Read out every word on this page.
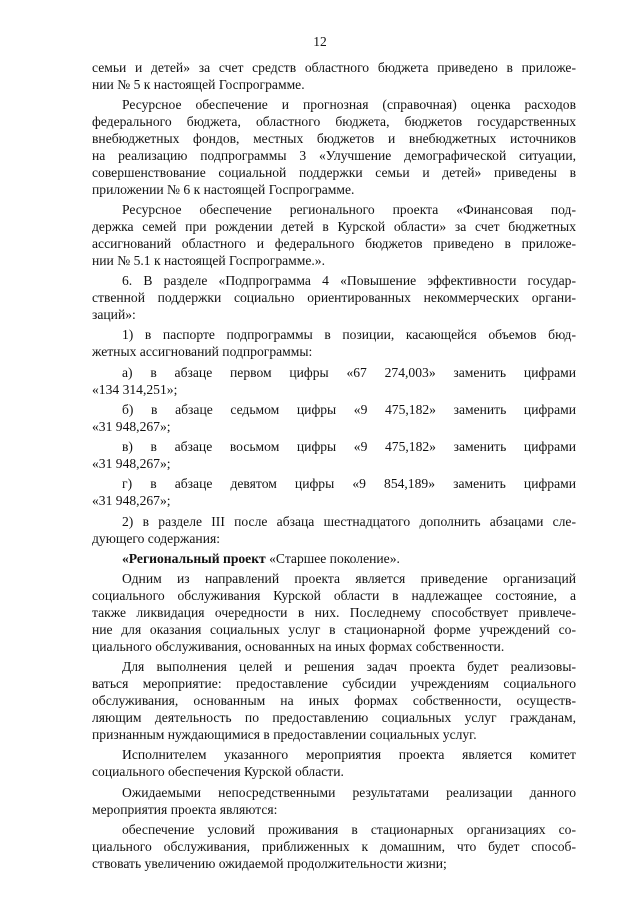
12
семьи и детей» за счет средств областного бюджета приведено в приложе-
нии № 5 к настоящей Госпрограмме.
Ресурсное обеспечение и прогнозная (справочная) оценка расходов
федерального бюджета, областного бюджета, бюджетов государственных
внебюджетных фондов, местных бюджетов и внебюджетных источников
на реализацию подпрограммы 3 «Улучшение демографической ситуации,
совершенствование социальной поддержки семьи и детей» приведены в
приложении № 6 к настоящей Госпрограмме.
Ресурсное обеспечение регионального проекта «Финансовая под-
держка семей при рождении детей в Курской области» за счет бюджетных
ассигнований областного и федерального бюджетов приведено в приложе-
нии № 5.1 к настоящей Госпрограмме.».
6. В разделе «Подпрограмма 4 «Повышение эффективности государ-
ственной поддержки социально ориентированных некоммерческих органи-
заций»:
1) в паспорте подпрограммы в позиции, касающейся объемов бюд-
жетных ассигнований подпрограммы:
а) в абзаце первом цифры «67 274,003» заменить цифрами
«134 314,251»;
б) в абзаце седьмом цифры «9 475,182» заменить цифрами
«31 948,267»;
в) в абзаце восьмом цифры «9 475,182» заменить цифрами
«31 948,267»;
г) в абзаце девятом цифры «9 854,189» заменить цифрами
«31 948,267»;
2) в разделе III после абзаца шестнадцатого дополнить абзацами сле-
дующего содержания:
«Региональный проект «Старшее поколение».
Одним из направлений проекта является приведение организаций
социального обслуживания Курской области в надлежащее состояние, а
также ликвидация очередности в них. Последнему способствует привлече-
ние для оказания социальных услуг в стационарной форме учреждений со-
циального обслуживания, основанных на иных формах собственности.
Для выполнения целей и решения задач проекта будет реализовы-
ваться мероприятие: предоставление субсидии учреждениям социального
обслуживания, основанным на иных формах собственности, осуществ-
ляющим деятельность по предоставлению социальных услуг гражданам,
признанным нуждающимися в предоставлении социальных услуг.
Исполнителем указанного мероприятия проекта является комитет
социального обеспечения Курской области.
Ожидаемыми непосредственными результатами реализации данного
мероприятия проекта являются:
обеспечение условий проживания в стационарных организациях со-
циального обслуживания, приближенных к домашним, что будет способ-
ствовать увеличению ожидаемой продолжительности жизни;
